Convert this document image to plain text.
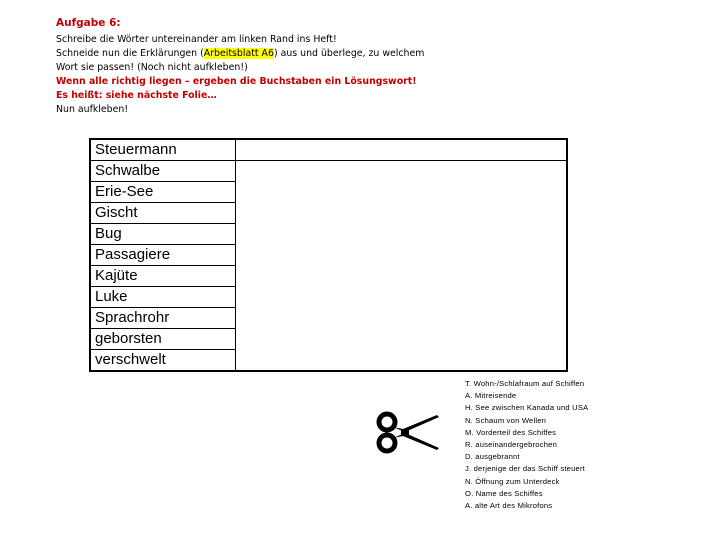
Aufgabe 6:
Schreibe die Wörter untereinander am linken Rand ins Heft!
Schneide nun die Erklärungen (Arbeitsblatt A6) aus und überlege, zu welchem
Wort sie passen! (Noch nicht aufkleben!)
Wenn alle richtig liegen – ergeben die Buchstaben ein Lösungswort!
Es heißt: siehe nächste Folie…
Nun aufkleben!
Steuermann	
Schwalbe	
Erie-See	
Gischt	
Bug	
Passagiere	
Kajüte	
Luke	
Sprachrohr	
geborsten	
verschwelt	
T. Wohn-/Schlafraum auf Schiffen
A. Mitreisende
H. See zwischen Kanada und USA
N. Schaum von Wellen
M. Vorderteil des Schiffes
R. auseinandergebrochen
D. ausgebrannt
J. derjenige der das Schiff steuert
N. Öffnung zum Unterdeck
O. Name des Schiffes
A. alte Art des Mikrofons
